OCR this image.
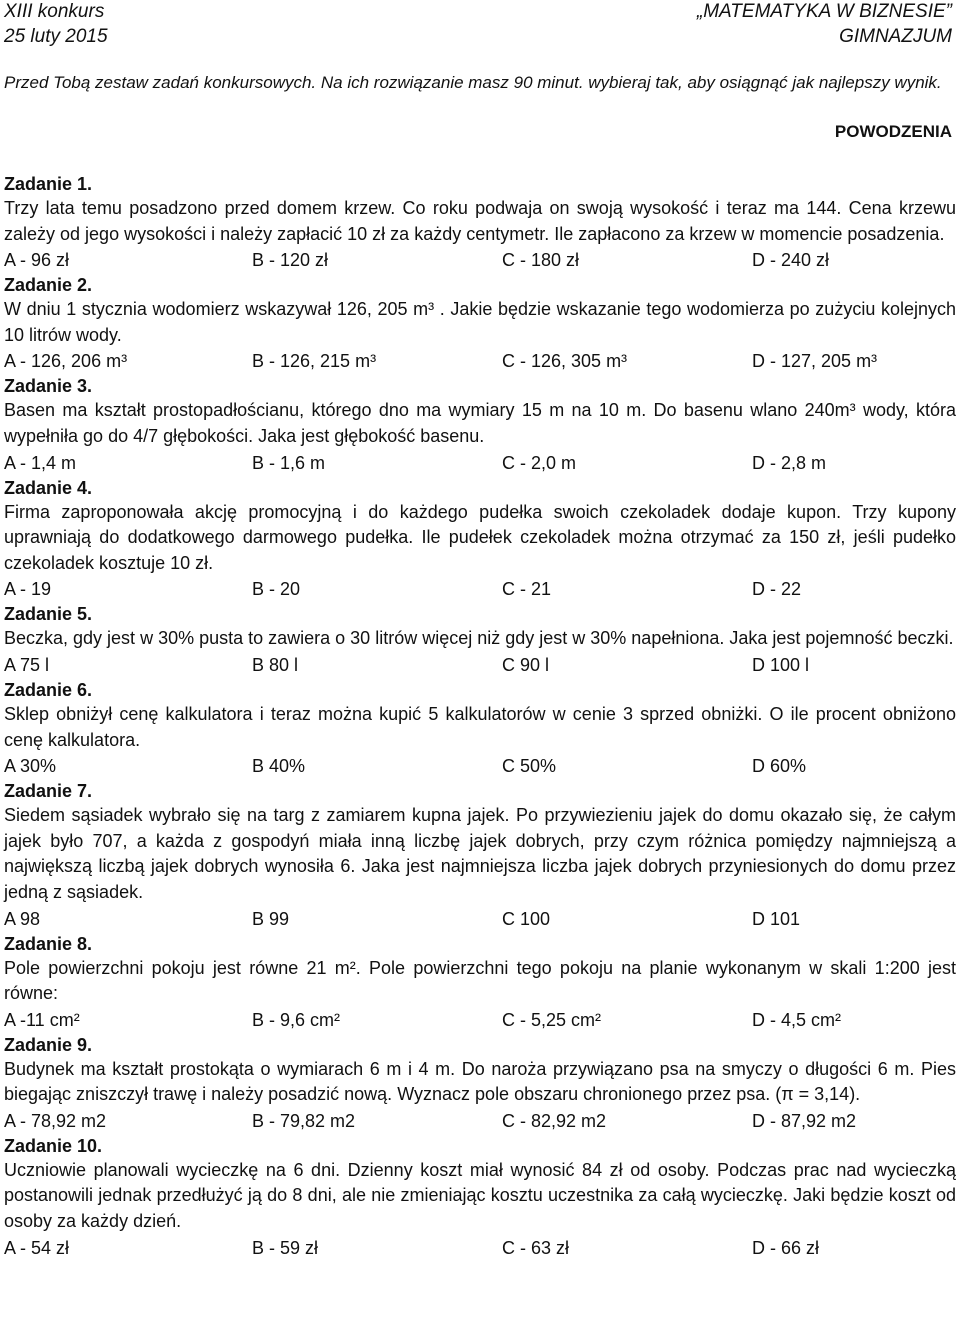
XIII konkurs
25 luty 2015
„MATEMATYKA W BIZNESIE”
GIMNAZJUM
Przed Tobą zestaw zadań konkursowych. Na ich rozwiązanie masz 90 minut. wybieraj tak, aby osiągnąć jak najlepszy wynik.
POWODZENIA
Zadanie 1.

Trzy lata temu posadzono przed domem krzew. Co roku podwaja on swoją wysokość i teraz ma 144. Cena krzewu zależy od jego wysokości i należy zapłacić 10 zł za każdy centymetr. Ile zapłacono za krzew w momencie posadzenia.

A - 96 zł	B - 120 zł	C - 180 zł	D - 240 zł
Zadanie 2.

W dniu 1 stycznia wodomierz wskazywał 126, 205 m³ . Jakie będzie wskazanie tego wodomierza po zużyciu kolejnych 10 litrów wody.

A - 126, 206 m³	B - 126, 215 m³	C - 126, 305 m³	D - 127, 205 m³
Zadanie 3.

Basen ma kształt prostopadłościanu, którego dno ma wymiary 15 m na 10 m. Do basenu wlano 240m³ wody, która wypełniła go do 4/7 głębokości. Jaka jest głębokość basenu.

A - 1,4 m	B - 1,6 m	C - 2,0 m	D - 2,8 m
Zadanie 4.

Firma zaproponowała akcję promocyjną i do każdego pudełka swoich czekoladek dodaje kupon. Trzy kupony uprawniają do dodatkowego darmowego pudełka. Ile pudełek czekoladek można otrzymać za 150 zł, jeśli pudełko czekoladek kosztuje 10 zł.

A - 19	B - 20	C - 21	D - 22
Zadanie 5.

Beczka, gdy jest w 30% pusta to zawiera o 30 litrów więcej niż gdy jest w 30% napełniona. Jaka jest pojemność beczki.

A 75 l	B 80 l	C 90 l	D 100 l
Zadanie 6.

Sklep obniżył cenę kalkulatora i teraz można kupić 5 kalkulatorów w cenie 3 sprzed obniżki. O ile procent obniżono cenę kalkulatora.

A 30%	B 40%	C 50%	D 60%
Zadanie 7.

Siedem sąsiadek wybrało się na targ z zamiarem kupna jajek. Po przywiezieniu jajek do domu okazało się, że całym jajek było 707, a każda z gospodyń miała inną liczbę jajek dobrych, przy czym różnica pomiędzy najmniejszą a największą liczbą jajek dobrych wynosiła 6. Jaka jest najmniejsza liczba jajek dobrych przyniesionych do domu przez jedną z sąsiadek.

A 98	B 99	C 100	D 101
Zadanie 8.

Pole powierzchni pokoju jest równe 21 m². Pole powierzchni tego pokoju na planie wykonanym w skali 1:200 jest równe:

A -11 cm²	B - 9,6 cm²	C - 5,25 cm²	D - 4,5 cm²
Zadanie 9.

Budynek ma kształt prostokąta o wymiarach 6 m i 4 m. Do naroża przywiązano psa na smyczy o długości 6 m. Pies biegając zniszczył trawę i należy posadzić nową. Wyznacz pole obszaru chronionego przez psa. (π = 3,14).

A - 78,92 m2	B - 79,82 m2	C - 82,92 m2	D - 87,92 m2
Zadanie 10.

Uczniowie planowali wycieczkę na 6 dni. Dzienny koszt miał wynosić 84 zł od osoby. Podczas prac nad wycieczką postanowili jednak przedłużyć ją do 8 dni, ale nie zmieniając kosztu uczestnika za całą wycieczkę. Jaki będzie koszt od osoby za każdy dzień.

A - 54 zł	B - 59 zł	C - 63 zł	D - 66 zł
